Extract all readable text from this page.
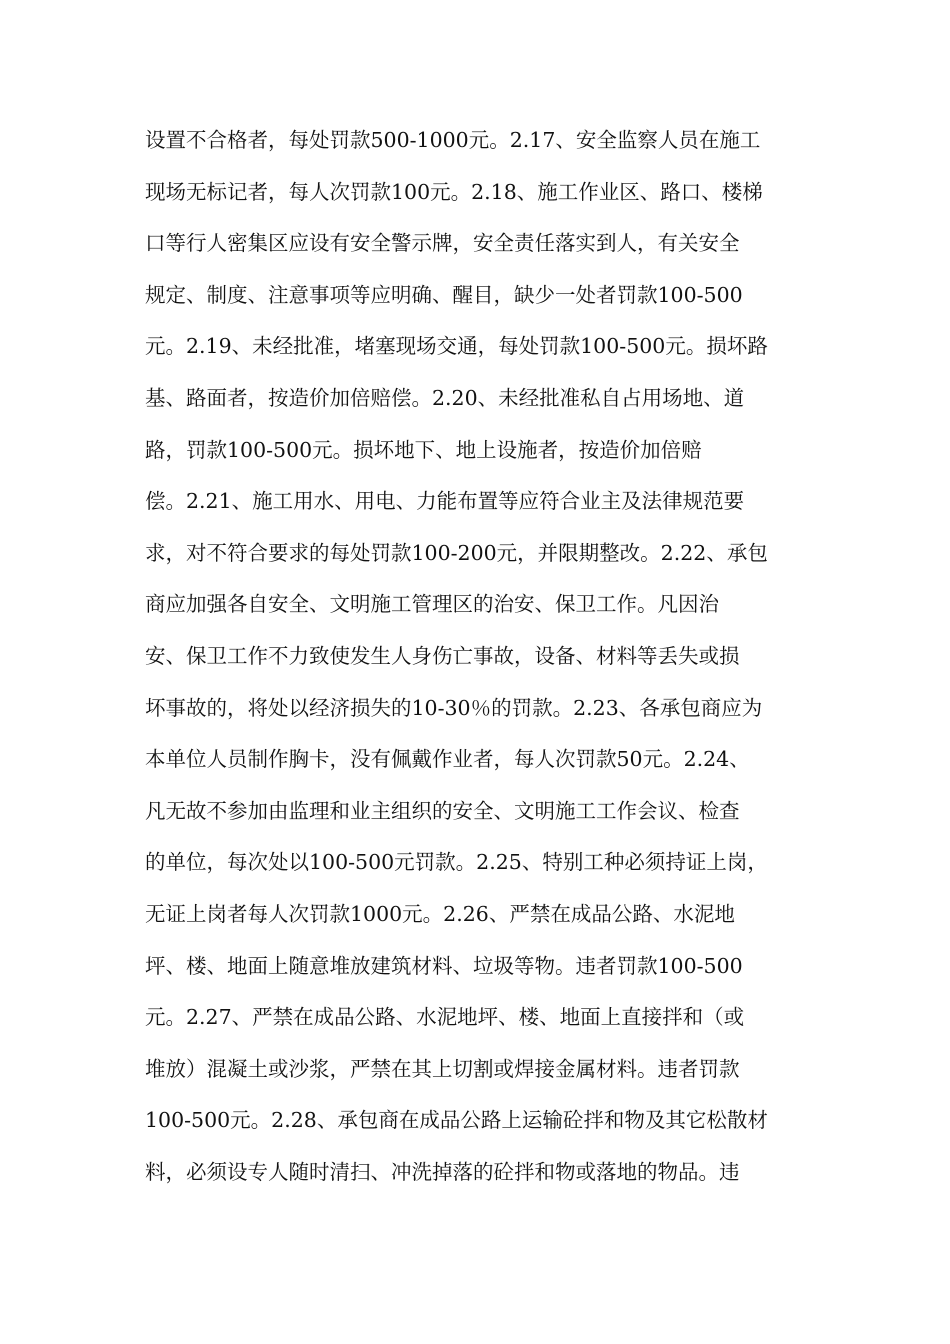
设置不合格者，每处罚款500-1000元。2.17、安全监察人员在施工
现场无标记者，每人次罚款100元。2.18、施工作业区、路口、楼梯
口等行人密集区应设有安全警示牌，安全责任落实到人，有关安全
规定、制度、注意事项等应明确、醒目，缺少一处者罚款100-500
元。2.19、未经批准，堵塞现场交通，每处罚款100-500元。损坏路
基、路面者，按造价加倍赔偿。2.20、未经批准私自占用场地、道
路，罚款100-500元。损坏地下、地上设施者，按造价加倍赔
偿。2.21、施工用水、用电、力能布置等应符合业主及法律规范要
求，对不符合要求的每处罚款100-200元，并限期整改。2.22、承包
商应加强各自安全、文明施工管理区的治安、保卫工作。凡因治
安、保卫工作不力致使发生人身伤亡事故，设备、材料等丢失或损
坏事故的，将处以经济损失的10-30％的罚款。2.23、各承包商应为
本单位人员制作胸卡，没有佩戴作业者，每人次罚款50元。2.24、
凡无故不参加由监理和业主组织的安全、文明施工工作会议、检查
的单位，每次处以100-500元罚款。2.25、特别工种必须持证上岗，
无证上岗者每人次罚款1000元。2.26、严禁在成品公路、水泥地
坪、楼、地面上随意堆放建筑材料、垃圾等物。违者罚款100-500
元。2.27、严禁在成品公路、水泥地坪、楼、地面上直接拌和（或
堆放）混凝土或沙浆，严禁在其上切割或焊接金属材料。违者罚款
100-500元。2.28、承包商在成品公路上运输砼拌和物及其它松散材
料，必须设专人随时清扫、冲洗掉落的砼拌和物或落地的物品。违
